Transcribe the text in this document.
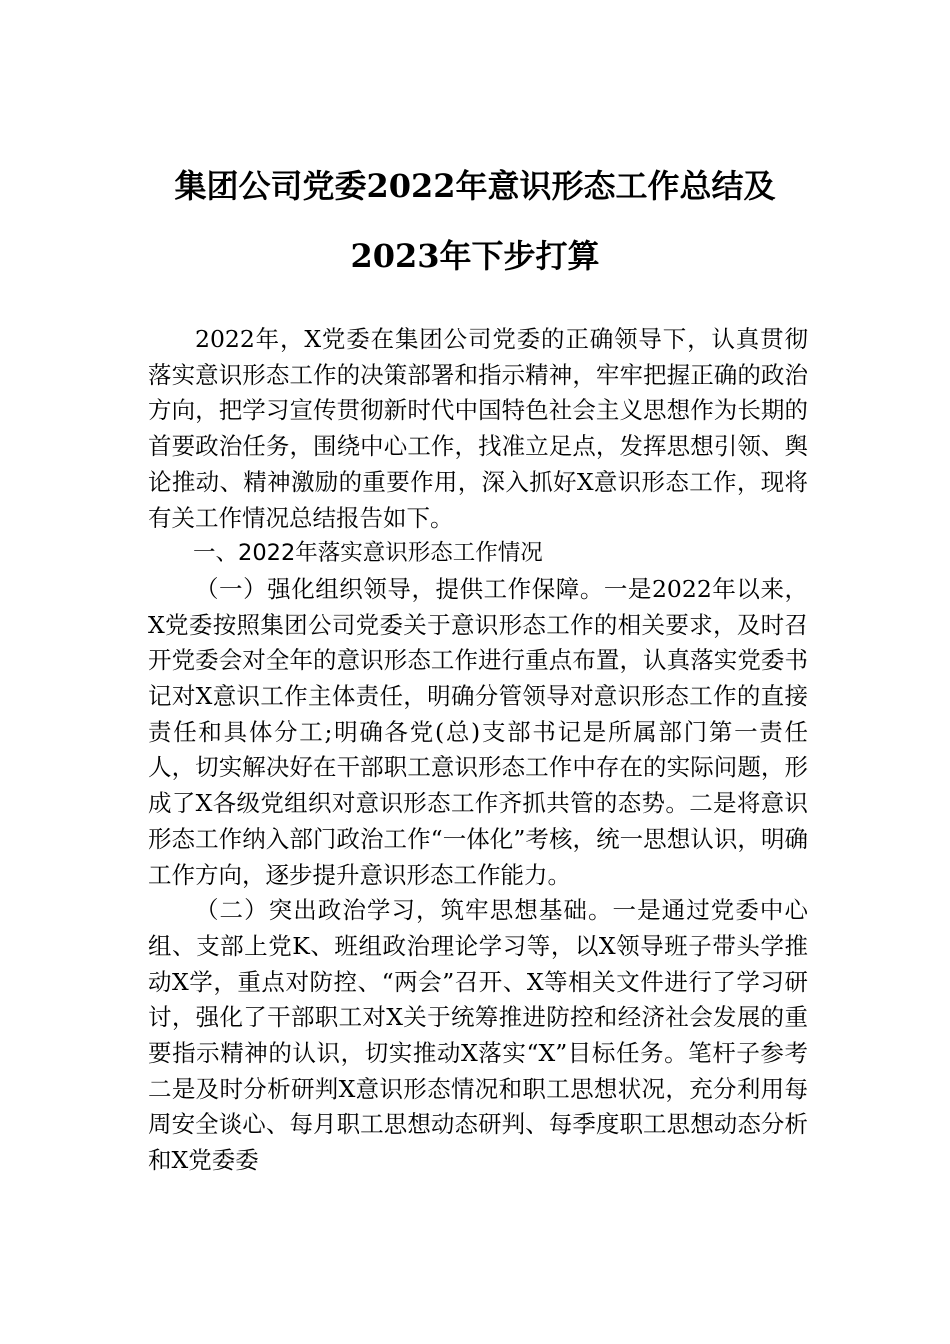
集团公司党委2022年意识形态工作总结及
2023年下步打算

2022年，X党委在集团公司党委的正确领导下，认真贯彻落实意识形态工作的决策部署和指示精神，牢牢把握正确的政治方向，把学习宣传贯彻新时代中国特色社会主义思想作为长期的首要政治任务，围绕中心工作，找准立足点，发挥思想引领、舆论推动、精神激励的重要作用，深入抓好X意识形态工作，现将有关工作情况总结报告如下。

一、2022年落实意识形态工作情况

（一）强化组织领导，提供工作保障。一是2022年以来，X党委按照集团公司党委关于意识形态工作的相关要求，及时召开党委会对全年的意识形态工作进行重点布置，认真落实党委书记对X意识工作主体责任，明确分管领导对意识形态工作的直接责任和具体分工;明确各党(总)支部书记是所属部门第一责任人，切实解决好在干部职工意识形态工作中存在的实际问题，形成了X各级党组织对意识形态工作齐抓共管的态势。二是将意识形态工作纳入部门政治工作“一体化”考核，统一思想认识，明确工作方向，逐步提升意识形态工作能力。

（二）突出政治学习，筑牢思想基础。一是通过党委中心组、支部上党K、班组政治理论学习等，以X领导班子带头学推动X学，重点对防控、“两会”召开、X等相关文件进行了学习研讨，强化了干部职工对X关于统筹推进防控和经济社会发展的重要指示精神的认识，切实推动X落实“X”目标任务。笔杆子参考二是及时分析研判X意识形态情况和职工思想状况，充分利用每周安全谈心、每月职工思想动态研判、每季度职工思想动态分析和X党委委
